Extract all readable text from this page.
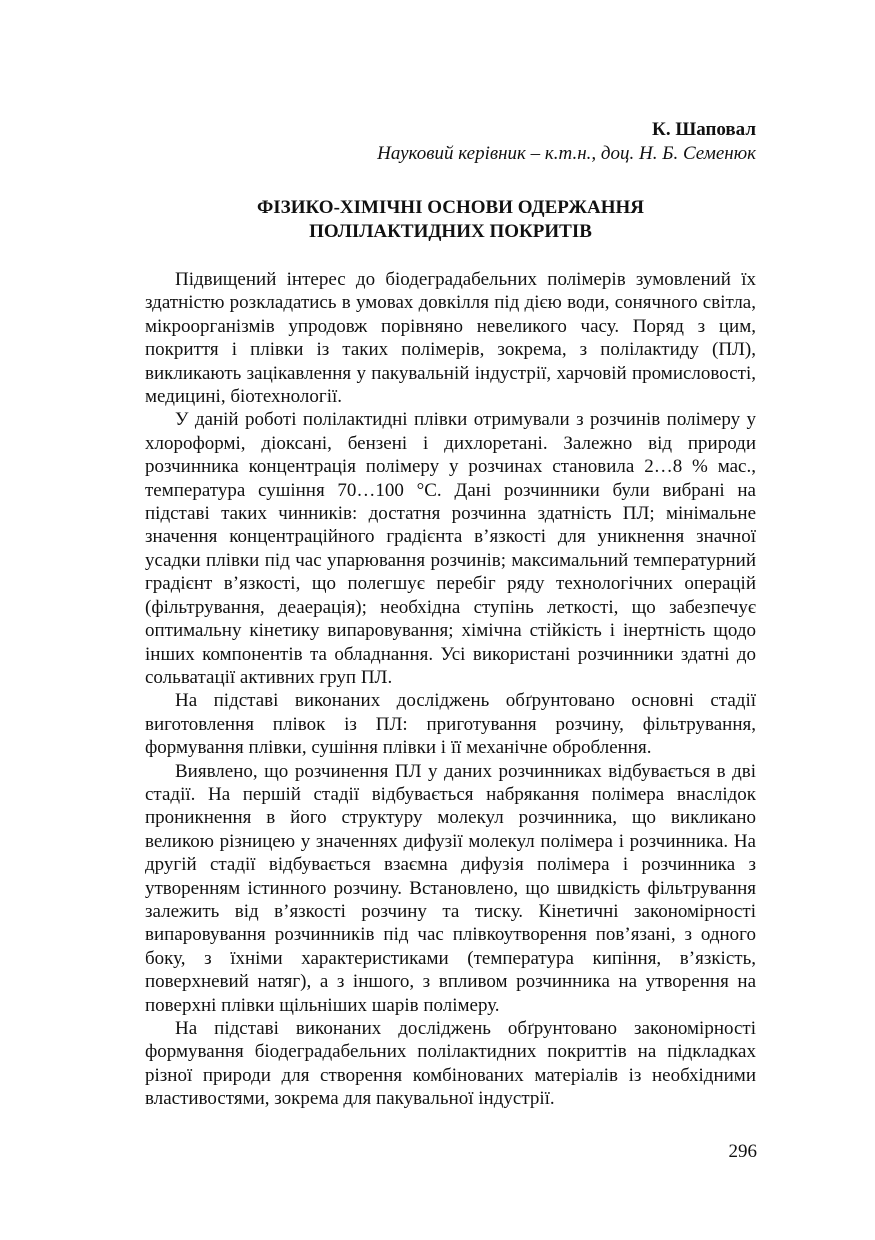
К. Шаповал
Науковий керівник – к.т.н., доц. Н. Б. Семенюк
ФІЗИКО-ХІМІЧНІ ОСНОВИ ОДЕРЖАННЯ
ПОЛІЛАКТИДНИХ ПОКРИТІВ

Підвищений інтерес до біодеградабельних полімерів зумовлений їх здатністю розкладатись в умовах довкілля під дією води, сонячного світла, мікроорганізмів упродовж порівняно невеликого часу. Поряд з цим, покриття і плівки із таких полімерів, зокрема, з полілактиду (ПЛ), викликають зацікавлення у пакувальній індустрії, харчовій промисловості, медицині, біотехнології.

У даній роботі полілактидні плівки отримували з розчинів полімеру у хлороформі, діоксані, бензені і дихлоретані. Залежно від природи розчинника концентрація полімеру у розчинах становила 2…8 % мас., температура сушіння 70…100 °С. Дані розчинники були вибрані на підставі таких чинників: достатня розчинна здатність ПЛ; мінімальне значення концентраційного градієнта в’язкості для уникнення значної усадки плівки під час упарювання розчинів; максимальний температурний градієнт в’язкості, що полегшує перебіг ряду технологічних операцій (фільтрування, деаерація); необхідна ступінь леткості, що забезпечує оптимальну кінетику випаровування; хімічна стійкість і інертність щодо інших компонентів та обладнання. Усі використані розчинники здатні до сольватації активних груп ПЛ.

На підставі виконаних досліджень обґрунтовано основні стадії виготовлення плівок із ПЛ: приготування розчину, фільтрування, формування плівки, сушіння плівки і її механічне оброблення.

Виявлено, що розчинення ПЛ у даних розчинниках відбувається в дві стадії. На першій стадії відбувається набрякання полімера внаслідок проникнення в його структуру молекул розчинника, що викликано великою різницею у значеннях дифузії молекул полімера і розчинника. На другій стадії відбувається взаємна дифузія полімера і розчинника з утворенням істинного розчину. Встановлено, що швидкість фільтрування залежить від в’язкості розчину та тиску. Кінетичні закономірності випаровування розчинників під час плівкоутворення пов’язані, з одного боку, з їхніми характеристиками (температура кипіння, в’язкість, поверхневий натяг), а з іншого, з впливом розчинника на утворення на поверхні плівки щільніших шарів полімеру.

На підставі виконаних досліджень обґрунтовано закономірності формування біодеградабельних полілактидних покриттів на підкладках різної природи для створення комбінованих матеріалів із необхідними властивостями, зокрема для пакувальної індустрії.

296
